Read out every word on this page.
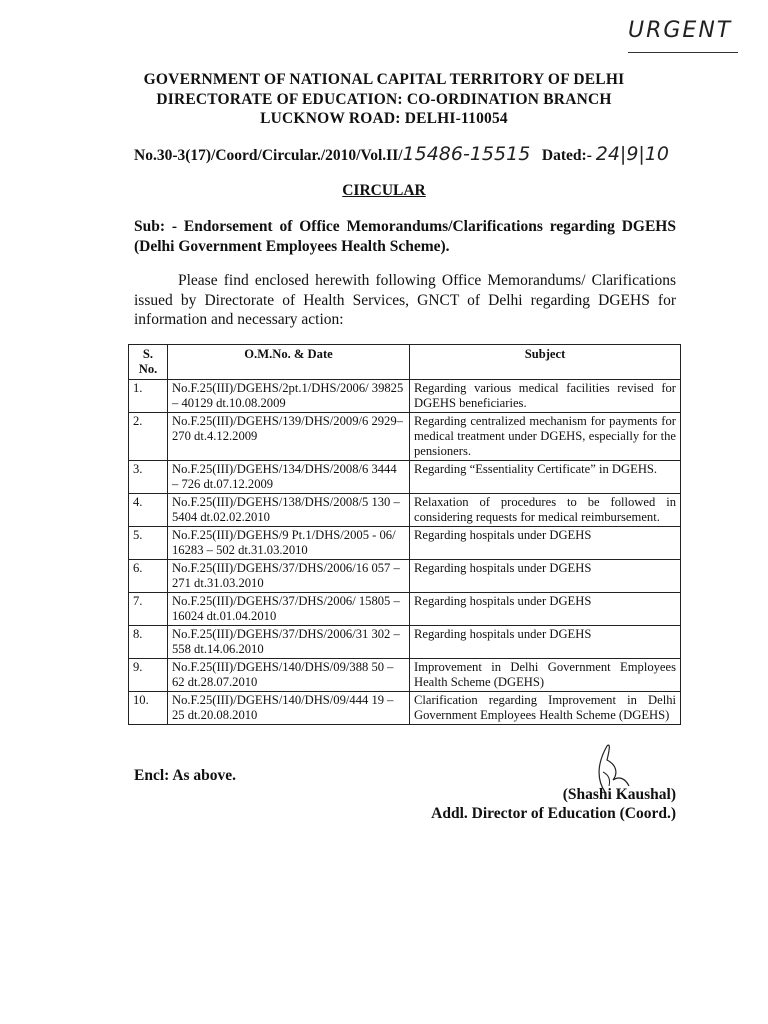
URGENT
GOVERNMENT OF NATIONAL CAPITAL TERRITORY OF DELHI
DIRECTORATE OF EDUCATION: CO-ORDINATION BRANCH
LUCKNOW ROAD: DELHI-110054
No.30-3(17)/Coord/Circular./2010/Vol.II/15486-15515 Dated:- 24|9|10
CIRCULAR
Sub: - Endorsement of Office Memorandums/Clarifications regarding DGEHS (Delhi Government Employees Health Scheme).
Please find enclosed herewith following Office Memorandums/ Clarifications issued by Directorate of Health Services, GNCT of Delhi regarding DGEHS for information and necessary action:
S. No.	O.M.No. & Date	Subject
1.	No.F.25(III)/DGEHS/2pt.1/DHS/2006/ 39825 – 40129 dt.10.08.2009	Regarding various medical facilities revised for DGEHS beneficiaries.
2.	No.F.25(III)/DGEHS/139/DHS/2009/6 2929–270 dt.4.12.2009	Regarding centralized mechanism for payments for medical treatment under DGEHS, especially for the pensioners.
3.	No.F.25(III)/DGEHS/134/DHS/2008/6 3444 – 726 dt.07.12.2009	Regarding “Essentiality Certificate” in DGEHS.
4.	No.F.25(III)/DGEHS/138/DHS/2008/5 130 – 5404 dt.02.02.2010	Relaxation of procedures to be followed in considering requests for medical reimbursement.
5.	No.F.25(III)/DGEHS/9 Pt.1/DHS/2005 - 06/ 16283 – 502 dt.31.03.2010	Regarding hospitals under DGEHS
6.	No.F.25(III)/DGEHS/37/DHS/2006/16 057 – 271 dt.31.03.2010	Regarding hospitals under DGEHS
7.	No.F.25(III)/DGEHS/37/DHS/2006/ 15805 – 16024 dt.01.04.2010	Regarding hospitals under DGEHS
8.	No.F.25(III)/DGEHS/37/DHS/2006/31 302 – 558 dt.14.06.2010	Regarding hospitals under DGEHS
9.	No.F.25(III)/DGEHS/140/DHS/09/388 50 – 62 dt.28.07.2010	Improvement in Delhi Government Employees Health Scheme (DGEHS)
10.	No.F.25(III)/DGEHS/140/DHS/09/444 19 – 25 dt.20.08.2010	Clarification regarding Improvement in Delhi Government Employees Health Scheme (DGEHS)
Encl: As above.
(Shashi Kaushal)
Addl. Director of Education (Coord.)
